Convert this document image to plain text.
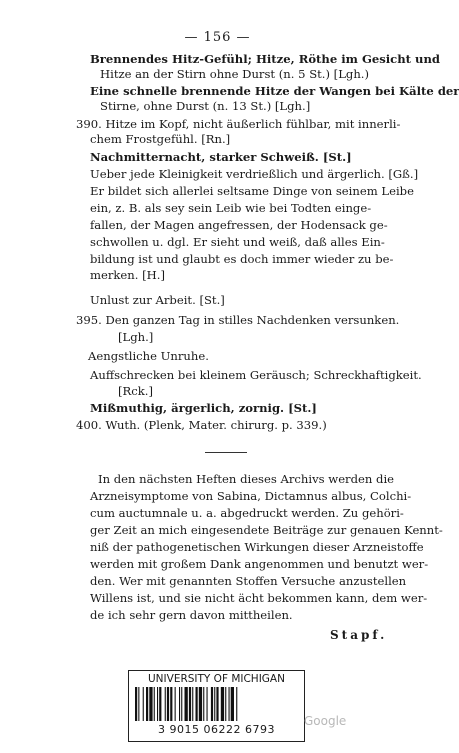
— 156 —
Brennendes Hitz-Gefühl; Hitze, Röthe im Gesicht und
Hitze an der Stirn ohne Durst (n. 5 St.) [Lgh.)
Eine schnelle brennende Hitze der Wangen bei Kälte der
Stirne, ohne Durst (n. 13 St.) [Lgh.]
390. Hitze im Kopf, nicht äußerlich fühlbar, mit innerli-
chem Frostgefühl. [Rn.]
Nachmitternacht, starker Schweiß. [St.]
Ueber jede Kleinigkeit verdrießlich und ärgerlich. [Gß.]
Er bildet sich allerlei seltsame Dinge von seinem Leibe
ein, z. B. als sey sein Leib wie bei Todten einge-
fallen, der Magen angefressen, der Hodensack ge-
schwollen u. dgl. Er sieht und weiß, daß alles Ein-
bildung ist und glaubt es doch immer wieder zu be-
merken. [H.]
Unlust zur Arbeit. [St.]
395. Den ganzen Tag in stilles Nachdenken versunken.
[Lgh.]
Aengstliche Unruhe.
Auffschrecken bei kleinem Geräusch; Schreckhaftigkeit.
[Rck.]
Mißmuthig, ärgerlich, zornig. [St.]
400. Wuth. (Plenk, Mater. chirurg. p. 339.)
In den nächsten Heften dieses Archivs werden die
Arzneisymptome von Sabina, Dictamnus albus, Colchi-
cum auctumnale u. a. abgedruckt werden. Zu gehöri-
ger Zeit an mich eingesendete Beiträge zur genauen Kennt-
niß der pathogenetischen Wirkungen dieser Arzneistoffe
werden mit großem Dank angenommen und benutzt wer-
den. Wer mit genannten Stoffen Versuche anzustellen
Willens ist, und sie nicht ächt bekommen kann, dem wer-
de ich sehr gern davon mittheilen.
Stapf.
UNIVERSITY OF MICHIGAN
3 9015 06222 6793
Google
